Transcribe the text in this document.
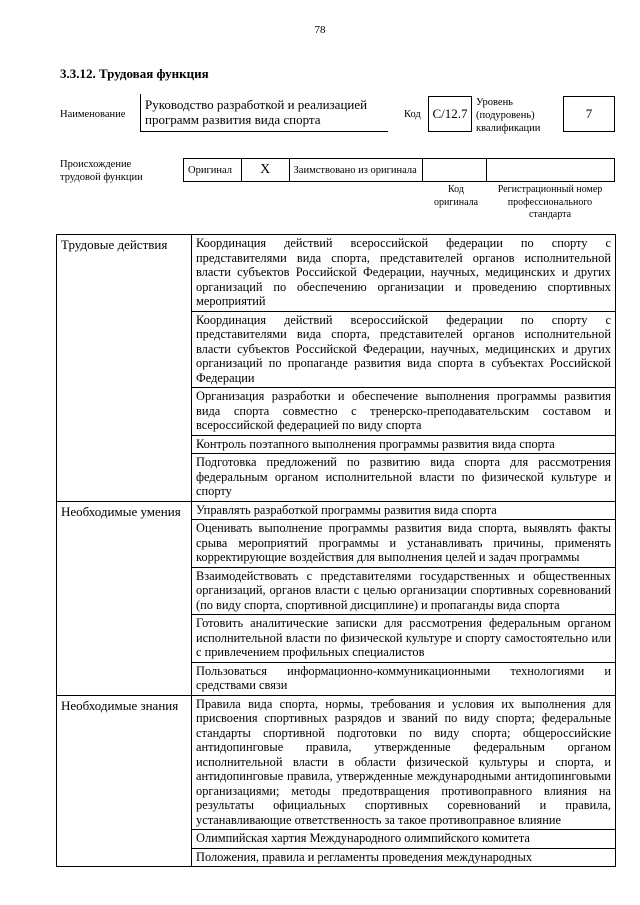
78
3.3.12. Трудовая функция
Наименование
Руководство разработкой и реализацией программ развития вида спорта	Код С/12.7
Уровень
(подуровень)
квалификации
7
Происхождение
трудовой функции
Оригинал	X	Заимствовано из оригинала
Код
оригинала
Регистрационный номер
профессионального
стандарта
Трудовые действия	Координация действий всероссийской федерации по спорту с представителями вида спорта, представителей органов исполнительной власти субъектов Российской Федерации, научных, медицинских и других организаций по обеспечению организации и проведению спортивных мероприятий
Координация действий всероссийской федерации по спорту с представителями вида спорта, представителей органов исполнительной власти субъектов Российской Федерации, научных, медицинских и других организаций по пропаганде развития вида спорта в субъектах Российской Федерации
Организация разработки и обеспечение выполнения программы развития вида спорта совместно с тренерско-преподавательским составом и всероссийской федерацией по виду спорта
Контроль поэтапного выполнения программы развития вида спорта
Подготовка предложений по развитию вида спорта для рассмотрения федеральным органом исполнительной власти по физической культуре и спорту

Необходимые умения	Управлять разработкой программы развития вида спорта
Оценивать выполнение программы развития вида спорта, выявлять факты срыва мероприятий программы и устанавливать причины, применять корректирующие воздействия для выполнения целей и задач программы
Взаимодействовать с представителями государственных и общественных организаций, органов власти с целью организации спортивных соревнований (по виду спорта, спортивной дисциплине) и пропаганды вида спорта
Готовить аналитические записки для рассмотрения федеральным органом исполнительной власти по физической культуре и спорту самостоятельно или с привлечением профильных специалистов
Пользоваться информационно-коммуникационными технологиями и средствами связи

Необходимые знания	Правила вида спорта, нормы, требования и условия их выполнения для присвоения спортивных разрядов и званий по виду спорта; федеральные стандарты спортивной подготовки по виду спорта; общероссийские антидопинговые правила, утвержденные федеральным органом исполнительной власти в области физической культуры и спорта, и антидопинговые правила, утвержденные международными антидопинговыми организациями; методы предотвращения противоправного влияния на результаты официальных спортивных соревнований и правила, устанавливающие ответственность за такое противоправное влияние
Олимпийская хартия Международного олимпийского комитета
Положения, правила и регламенты проведения международных
